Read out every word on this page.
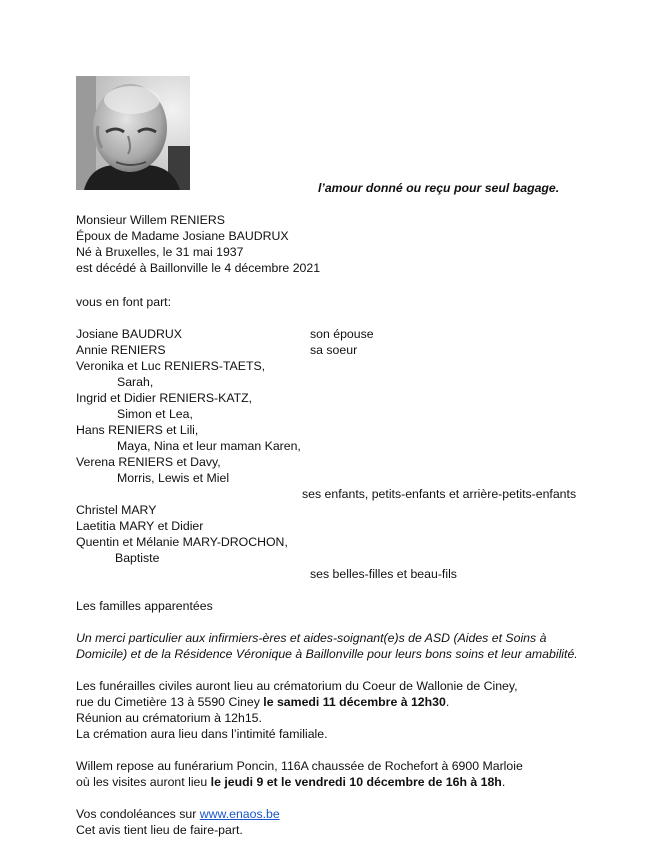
l’amour donné ou reçu pour seul bagage.
Monsieur Willem RENIERS
Époux de Madame Josiane BAUDRUX
Né à Bruxelles, le 31 mai 1937
est décédé à Baillonville le 4 décembre 2021
vous en font part:
Josiane BAUDRUX	son épouse
Annie RENIERS	sa soeur
Veronika et Luc RENIERS-TAETS,
Sarah,
Ingrid et Didier RENIERS-KATZ,
Simon et Lea,
Hans RENIERS et Lili,
Maya, Nina et leur maman Karen,
Verena RENIERS et Davy,
Morris, Lewis et Miel
ses enfants, petits-enfants et arrière-petits-enfants
Christel MARY
Laetitia MARY et Didier
Quentin et Mélanie MARY-DROCHON,
Baptiste
ses belles-filles et beau-fils
Les familles apparentées
Un merci particulier aux infirmiers-ères et aides-soignant(e)s de ASD (Aides et Soins à
Domicile) et de la Résidence Véronique à Baillonville pour leurs bons soins et leur amabilité.
Les funérailles civiles auront lieu au crématorium du Coeur de Wallonie de Ciney,
rue du Cimetière 13 à 5590 Ciney le samedi 11 décembre à 12h30.
Réunion au crématorium à 12h15.
La crémation aura lieu dans l’intimité familiale.
Willem repose au funérarium Poncin, 116A chaussée de Rochefort à 6900 Marloie
où les visites auront lieu le jeudi 9 et le vendredi 10 décembre de 16h à 18h.
Vos condoléances sur www.enaos.be
Cet avis tient lieu de faire-part.
